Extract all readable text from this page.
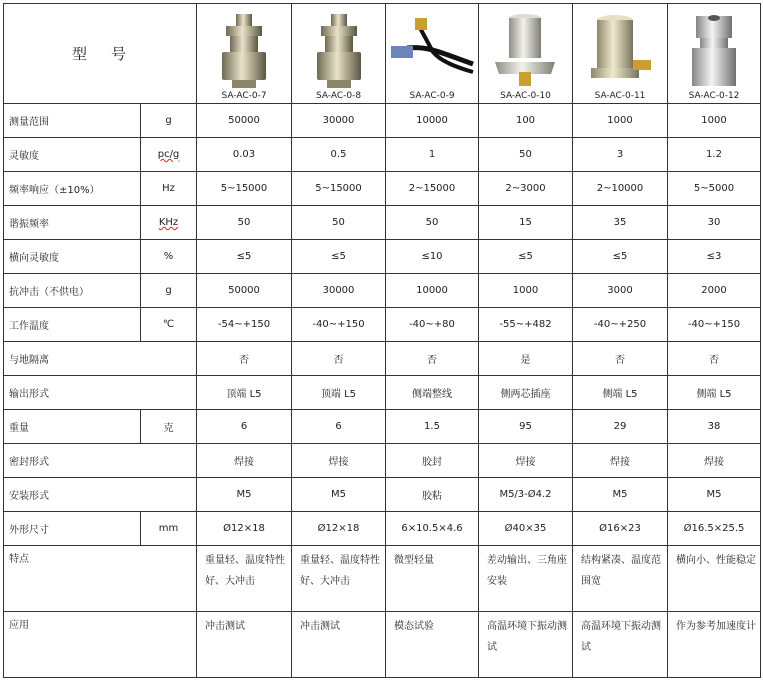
型 号		SA-AC-0-7	SA-AC-0-8	SA-AC-0-9	SA-AC-0-10	SA-AC-0-11	SA-AC-0-12

测量范围	g	50000	30000	10000	100	1000	1000
灵敏度	pc/g	0.03	0.5	1	50	3	1.2
频率响应（±10%）	Hz	5~15000	5~15000	2~15000	2~3000	2~10000	5~5000
谐振频率	KHz	50	50	50	15	35	30
横向灵敏度	%	≤5	≤5	≤10	≤5	≤5	≤3
抗冲击（不供电）	g	50000	30000	10000	1000	3000	2000
工作温度	℃	-54~+150	-40~+150	-40~+80	-55~+482	-40~+250	-40~+150
与地隔离		否	否	否	是	否	否
输出形式		顶端 L5	顶端 L5	侧端整线	侧两芯插座	侧端 L5	侧端 L5
重量	克	6	6	1.5	95	29	38
密封形式		焊接	焊接	胶封	焊接	焊接	焊接
安装形式		M5	M5	胶粘	M5/3-Ø4.2	M5	M5
外形尺寸	mm	Ø12×18	Ø12×18	6×10.5×4.6	Ø40×35	Ø16×23	Ø16.5×25.5
特点		重量轻、温度特性好、大冲击	重量轻、温度特性好、大冲击	微型轻量	差动输出、三角座安装	结构紧凑、温度范围宽	横向小、性能稳定
应用		冲击测试	冲击测试	模态试验	高温环境下振动测试	高温环境下振动测试	作为参考加速度计
